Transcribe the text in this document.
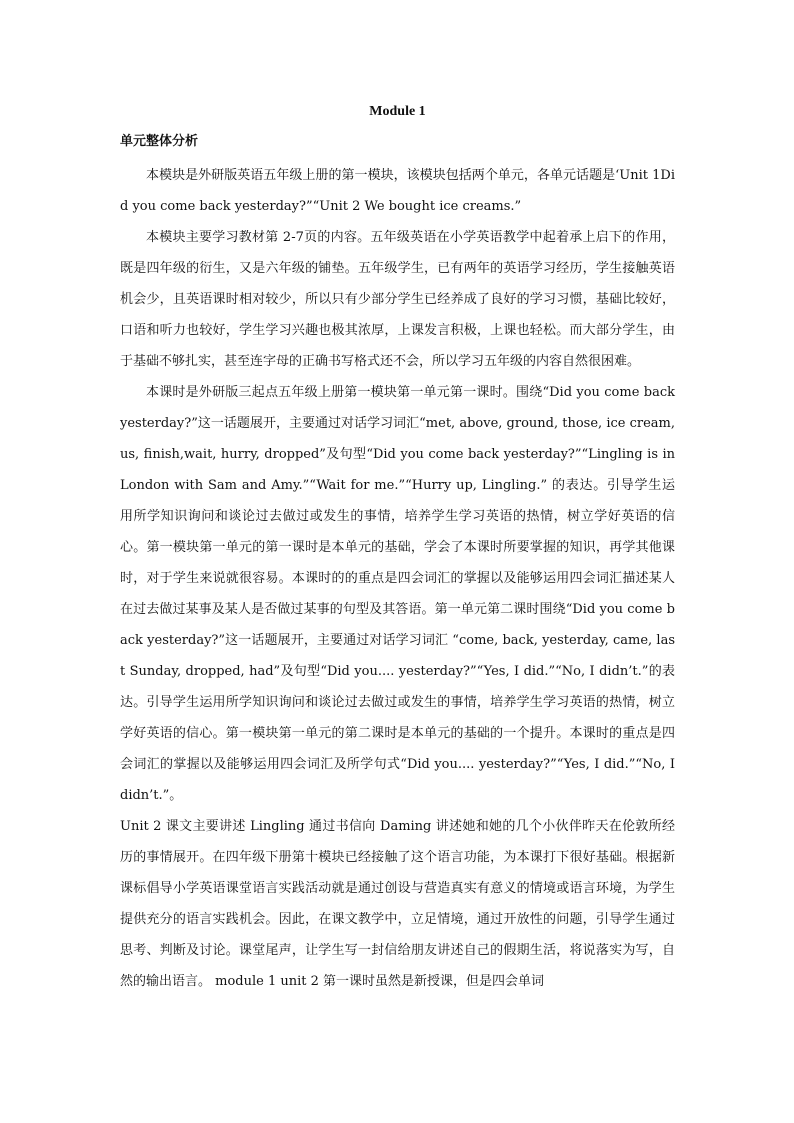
Module 1
单元整体分析

本模块是外研版英语五年级上册的第一模块，该模块包括两个单元，各单元话题是‘Unit 1Did you come back yesterday?”“Unit 2 We bought ice creams.”

本模块主要学习教材第 2-7页的内容。五年级英语在小学英语教学中起着承上启下的作用，既是四年级的衍生，又是六年级的铺垫。五年级学生，已有两年的英语学习经历，学生接触英语机会少，且英语课时相对较少，所以只有少部分学生已经养成了良好的学习习惯，基础比较好，口语和听力也较好，学生学习兴趣也极其浓厚，上课发言积极，上课也轻松。而大部分学生，由于基础不够扎实，甚至连字母的正确书写格式还不会，所以学习五年级的内容自然很困难。

本课时是外研版三起点五年级上册第一模块第一单元第一课时。围绕“Did you come back yesterday?”这一话题展开，主要通过对话学习词汇“met, above, ground, those, ice cream, us, finish,wait, hurry, dropped”及句型“Did you come back yesterday?”“Lingling is in London with Sam and Amy.”“Wait for me.”“Hurry up, Lingling.” 的表达。引导学生运用所学知识询问和谈论过去做过或发生的事情，培养学生学习英语的热情，树立学好英语的信心。第一模块第一单元的第一课时是本单元的基础，学会了本课时所要掌握的知识，再学其他课时，对于学生来说就很容易。本课时的的重点是四会词汇的掌握以及能够运用四会词汇描述某人在过去做过某事及某人是否做过某事的句型及其答语。第一单元第二课时围绕“Did you come back yesterday?”这一话题展开，主要通过对话学习词汇 “come, back, yesterday, came, last Sunday, dropped, had”及句型“Did you.... yesterday?”“Yes, I did.”“No, I didn’t.”的表达。引导学生运用所学知识询问和谈论过去做过或发生的事情，培养学生学习英语的热情，树立学好英语的信心。第一模块第一单元的第二课时是本单元的基础的一个提升。本课时的重点是四会词汇的掌握以及能够运用四会词汇及所学句式“Did you.... yesterday?”“Yes, I did.”“No, I didn’t.”。

Unit 2 课文主要讲述 Lingling 通过书信向 Daming 讲述她和她的几个小伙伴昨天在伦敦所经历的事情展开。在四年级下册第十模块已经接触了这个语言功能，为本课打下很好基础。根据新课标倡导小学英语课堂语言实践活动就是通过创设与营造真实有意义的情境或语言环境，为学生提供充分的语言实践机会。因此，在课文教学中，立足情境，通过开放性的问题，引导学生通过思考、判断及讨论。课堂尾声，让学生写一封信给朋友讲述自己的假期生活，将说落实为写，自然的输出语言。 module 1 unit 2 第一课时虽然是新授课，但是四会单词
